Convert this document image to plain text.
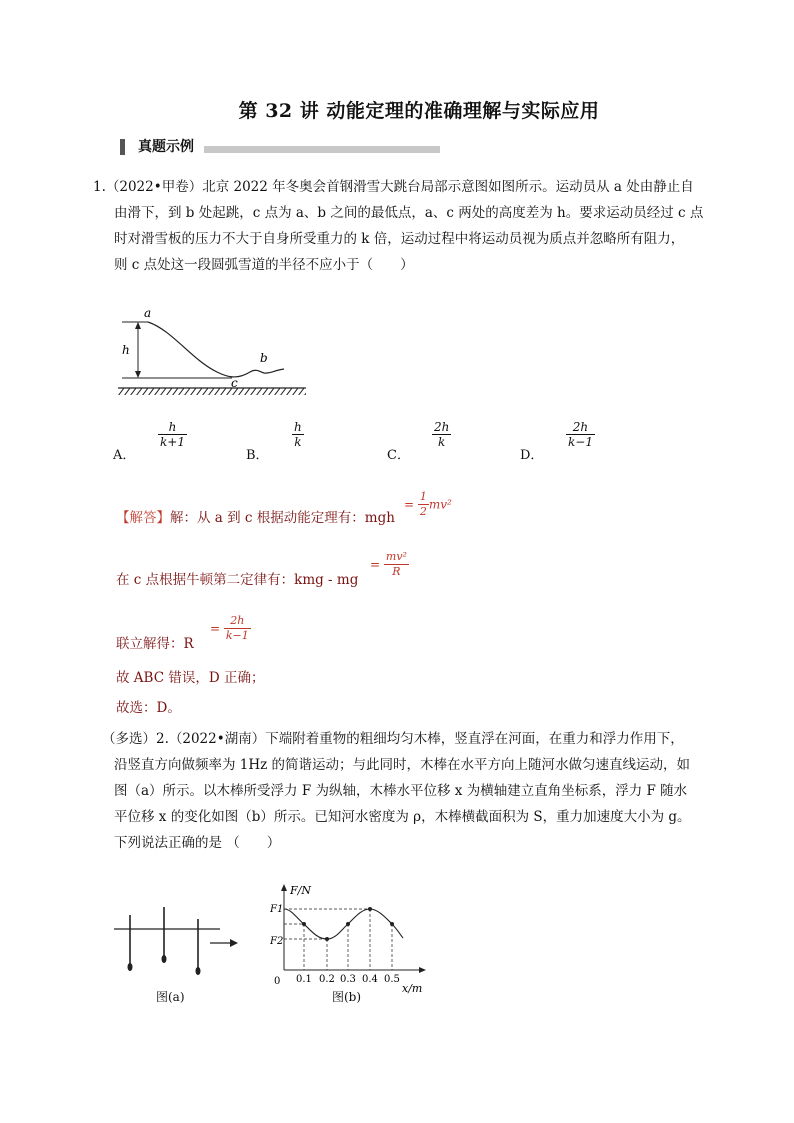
第 32 讲 动能定理的准确理解与实际应用
真题示例
1.（2022•甲卷）北京 2022 年冬奥会首钢滑雪大跳台局部示意图如图所示。运动员从 a 处由静止自
由滑下，到 b 处起跳，c 点为 a、b 之间的最低点，a、c 两处的高度差为 h。要求运动员经过 c 点
时对滑雪板的压力不大于自身所受重力的 k 倍，运动过程中将运动员视为质点并忽略所有阻力，
则 c 点处这一段圆弧雪道的半径不应小于（　　）
a
h
b
c
A．
$\frac{h}{k+1}$
B．
$\frac{h}{k}$
C．
$\frac{2h}{k}$
D．
$\frac{2h}{k-1}$
【解答】解：从 a 到 c 根据动能定理有：mgh
= $\frac{1}{2} mv^2$
在 c 点根据牛顿第二定律有：kmg - mg
= $\frac{\text{mv²}}{R}$
联立解得：R
= $\frac{2h}{k-1}$
故 ABC 错误，D 正确；
故选：D。
（多选）2.（2022•湖南）下端附着重物的粗细均匀木棒，竖直浮在河面，在重力和浮力作用下，
沿竖直方向做频率为 1Hz 的简谐运动；与此同时，木棒在水平方向上随河水做匀速直线运动，如
图（a）所示。以木棒所受浮力 F 为纵轴，木棒水平位移 x 为横轴建立直角坐标系，浮力 F 随水
平位移 x 的变化如图（b）所示。已知河水密度为 ρ，木棒横截面积为 S，重力加速度大小为 g。
下列说法正确的是 （　　）
图(a)
F/N
0
F1
F2
0.1 0.2 0.3 0.4 0.5
x/m
图(b)
